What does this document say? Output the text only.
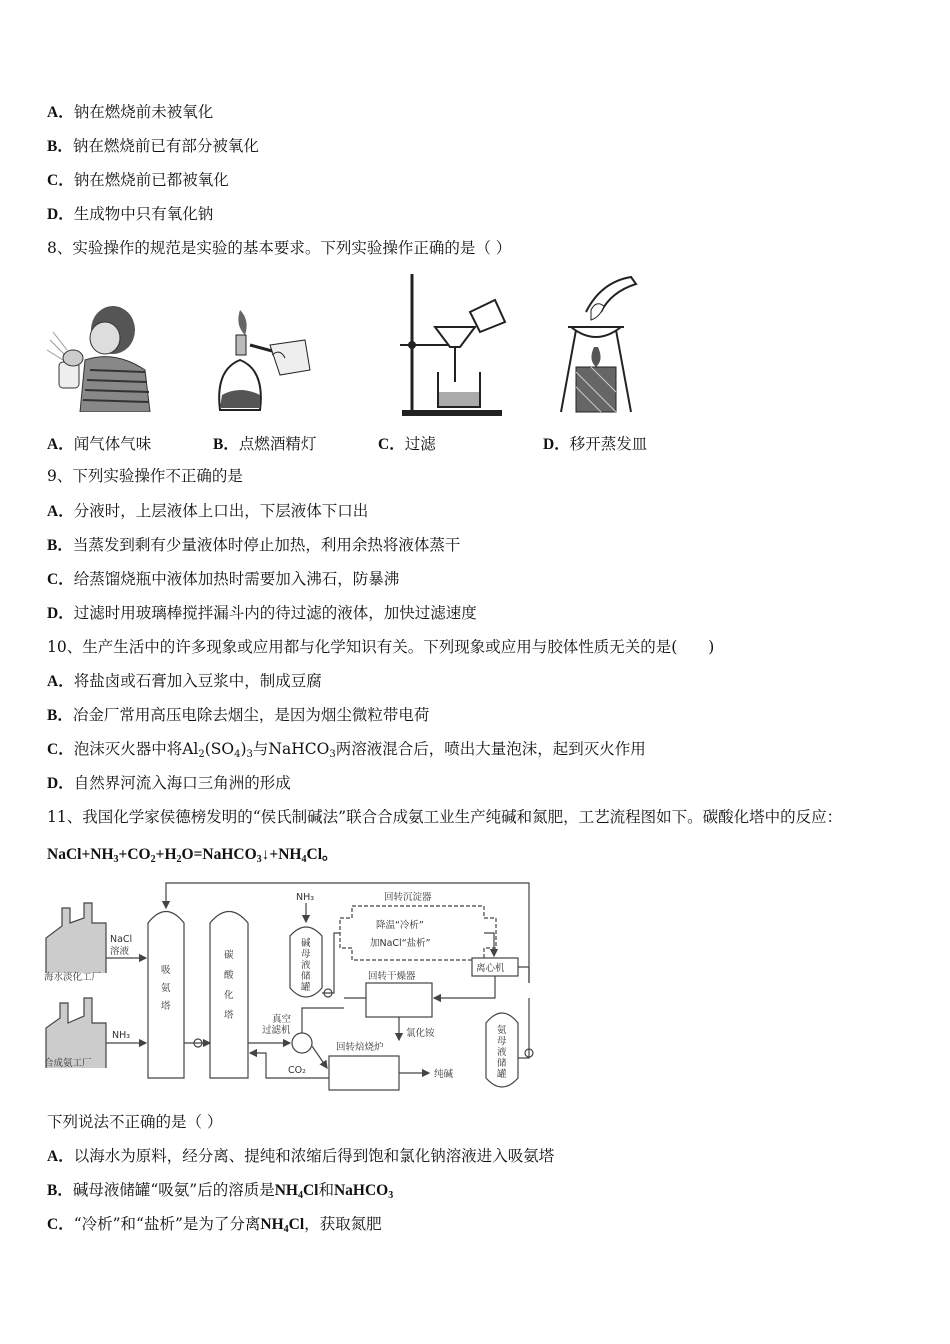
A．钠在燃烧前未被氧化
B．钠在燃烧前已有部分被氧化
C．钠在燃烧前已都被氧化
D．生成物中只有氧化钠
8、实验操作的规范是实验的基本要求。下列实验操作正确的是（ ）
A．闻气体气味	B．点燃酒精灯	C．过滤	D．移开蒸发皿
9、下列实验操作不正确的是
A．分液时，上层液体上口出，下层液体下口出
B．当蒸发到剩有少量液体时停止加热，利用余热将液体蒸干
C．给蒸馏烧瓶中液体加热时需要加入沸石，防暴沸
D．过滤时用玻璃棒搅拌漏斗内的待过滤的液体，加快过滤速度
10、生产生活中的许多现象或应用都与化学知识有关。下列现象或应用与胶体性质无关的是(　　)
A．将盐卤或石膏加入豆浆中，制成豆腐
B．冶金厂常用高压电除去烟尘，是因为烟尘微粒带电荷
C．泡沫灭火器中将$Al_2(SO_4)_3$与NaHCO$_3$两溶液混合后，喷出大量泡沫，起到灭火作用
D．自然界河流入海口三角洲的形成
11、我国化学家侯德榜发明的“侯氏制碱法”联合合成氨工业生产纯碱和氮肥，工艺流程图如下。碳酸化塔中的反应：
$NaCl+NH_3+CO_2+H_2O=NaHCO_3↓+NH_4Cl$。
海水淡化工厂
合成氨工厂
NaCl
溶液
NH₃
吸
氨
塔
碳
酸
化
塔
NH₃
碱
母
液
储
罐
回转沉淀器
降温“冷析”
加NaCl“盐析”
离心机
回转干燥器
氯化铵
真空
过滤机
回转焙烧炉
CO₂	纯碱
氨
母
液
储
罐
下列说法不正确的是（ ）
A．以海水为原料，经分离、提纯和浓缩后得到饱和氯化钠溶液进入吸氨塔
B．碱母液储罐“吸氨”后的溶质是$NH_4Cl$和NaHCO$_3$
C．“冷析”和“盐析”是为了分离$NH_4Cl$，获取氮肥
